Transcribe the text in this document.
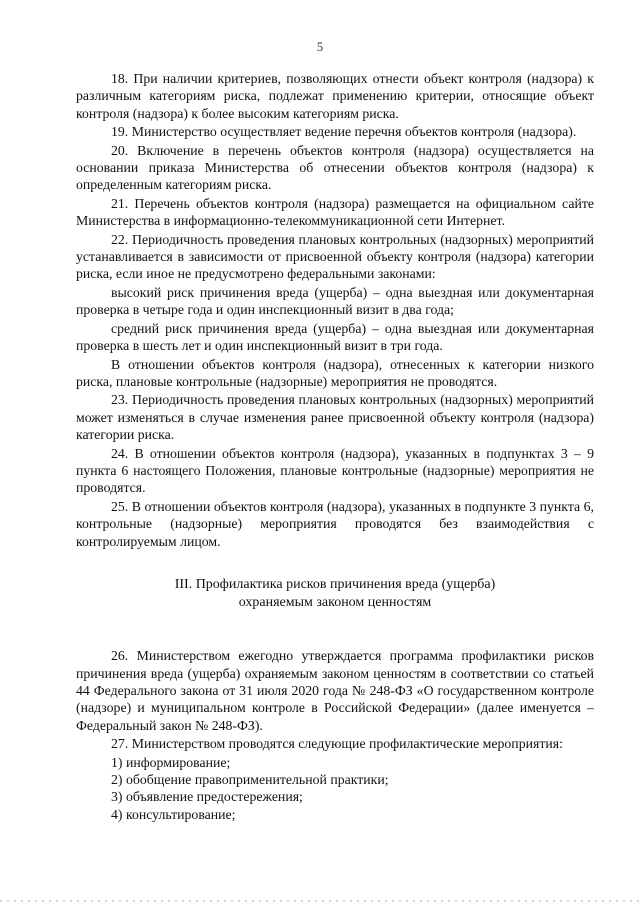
5

18. При наличии критериев, позволяющих отнести объект контроля (надзора) к различным категориям риска, подлежат применению критерии, относящие объект контроля (надзора) к более высоким категориям риска.

19. Министерство осуществляет ведение перечня объектов контроля (надзора).

20. Включение в перечень объектов контроля (надзора) осуществляется на основании приказа Министерства об отнесении объектов контроля (надзора) к определенным категориям риска.

21. Перечень объектов контроля (надзора) размещается на официальном сайте Министерства в информационно-телекоммуникационной сети Интернет.

22. Периодичность проведения плановых контрольных (надзорных) мероприятий устанавливается в зависимости от присвоенной объекту контроля (надзора) категории риска, если иное не предусмотрено федеральными законами:

высокий риск причинения вреда (ущерба) – одна выездная или документарная проверка в четыре года и один инспекционный визит в два года;

средний риск причинения вреда (ущерба) – одна выездная или документарная проверка в шесть лет и один инспекционный визит в три года.

В отношении объектов контроля (надзора), отнесенных к категории низкого риска, плановые контрольные (надзорные) мероприятия не проводятся.

23. Периодичность проведения плановых контрольных (надзорных) мероприятий может изменяться в случае изменения ранее присвоенной объекту контроля (надзора) категории риска.

24. В отношении объектов контроля (надзора), указанных в подпунктах 3 – 9 пункта 6 настоящего Положения, плановые контрольные (надзорные) мероприятия не проводятся.

25. В отношении объектов контроля (надзора), указанных в подпункте 3 пункта 6, контрольные (надзорные) мероприятия проводятся без взаимодействия с контролируемым лицом.

III. Профилактика рисков причинения вреда (ущерба)
охраняемым законом ценностям

26. Министерством ежегодно утверждается программа профилактики рисков причинения вреда (ущерба) охраняемым законом ценностям в соответствии со статьей 44 Федерального закона от 31 июля 2020 года № 248-ФЗ «О государственном контроле (надзоре) и муниципальном контроле в Российской Федерации» (далее именуется – Федеральный закон № 248-ФЗ).

27. Министерством проводятся следующие профилактические мероприятия:

1) информирование;

2) обобщение правоприменительной практики;

3) объявление предостережения;

4) консультирование;
